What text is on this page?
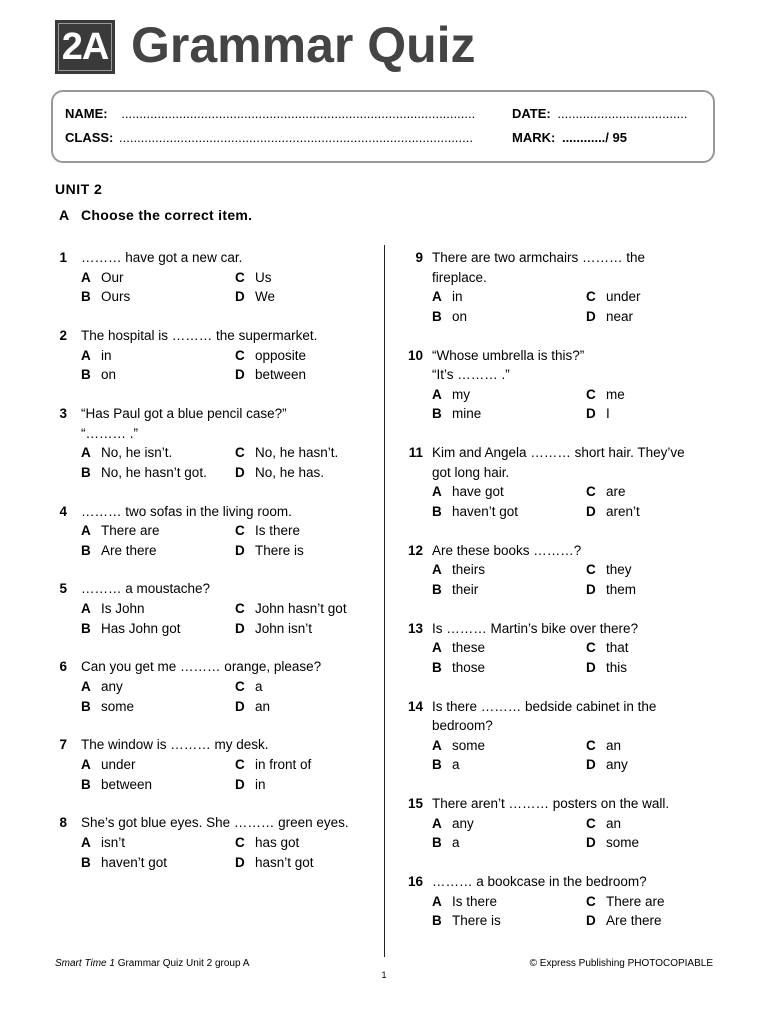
2A Grammar Quiz
NAME: ..................................................................................................	DATE: ....................................
CLASS: ..................................................................................................	MARK: ............/ 95
UNIT 2
A Choose the correct item.
1 ……… have got a new car.
A Our	C Us
B Ours	D We
2 The hospital is ……… the supermarket.
A in	C opposite
B on	D between
3 “Has Paul got a blue pencil case?”
“……… .”
A No, he isn’t.	C No, he hasn’t.
B No, he hasn’t got.	D No, he has.
4 ……… two sofas in the living room.
A There are	C Is there
B Are there	D There is
5 ……… a moustache?
A Is John	C John hasn’t got
B Has John got	D John isn’t
6 Can you get me ……… orange, please?
A any	C a
B some	D an
7 The window is ……… my desk.
A under	C in front of
B between	D in
8 She’s got blue eyes. She ……… green eyes.
A isn’t	C has got
B haven’t got	D hasn’t got
9 There are two armchairs ……… the
fireplace.
A in	C under
B on	D near
10 “Whose umbrella is this?”
“It’s ……… .”
A my	C me
B mine	D I
11 Kim and Angela ……… short hair. They’ve
got long hair.
A have got	C are
B haven’t got	D aren’t
12 Are these books ………?
A theirs	C they
B their	D them
13 Is ……… Martin’s bike over there?
A these	C that
B those	D this
14 Is there ……… bedside cabinet in the
bedroom?
A some	C an
B a	D any
15 There aren’t ……… posters on the wall.
A any	C an
B a	D some
16 ……… a bookcase in the bedroom?
A Is there	C There are
B There is	D Are there
Smart Time 1 Grammar Quiz Unit 2 group A	© Express Publishing PHOTOCOPIABLE
1
